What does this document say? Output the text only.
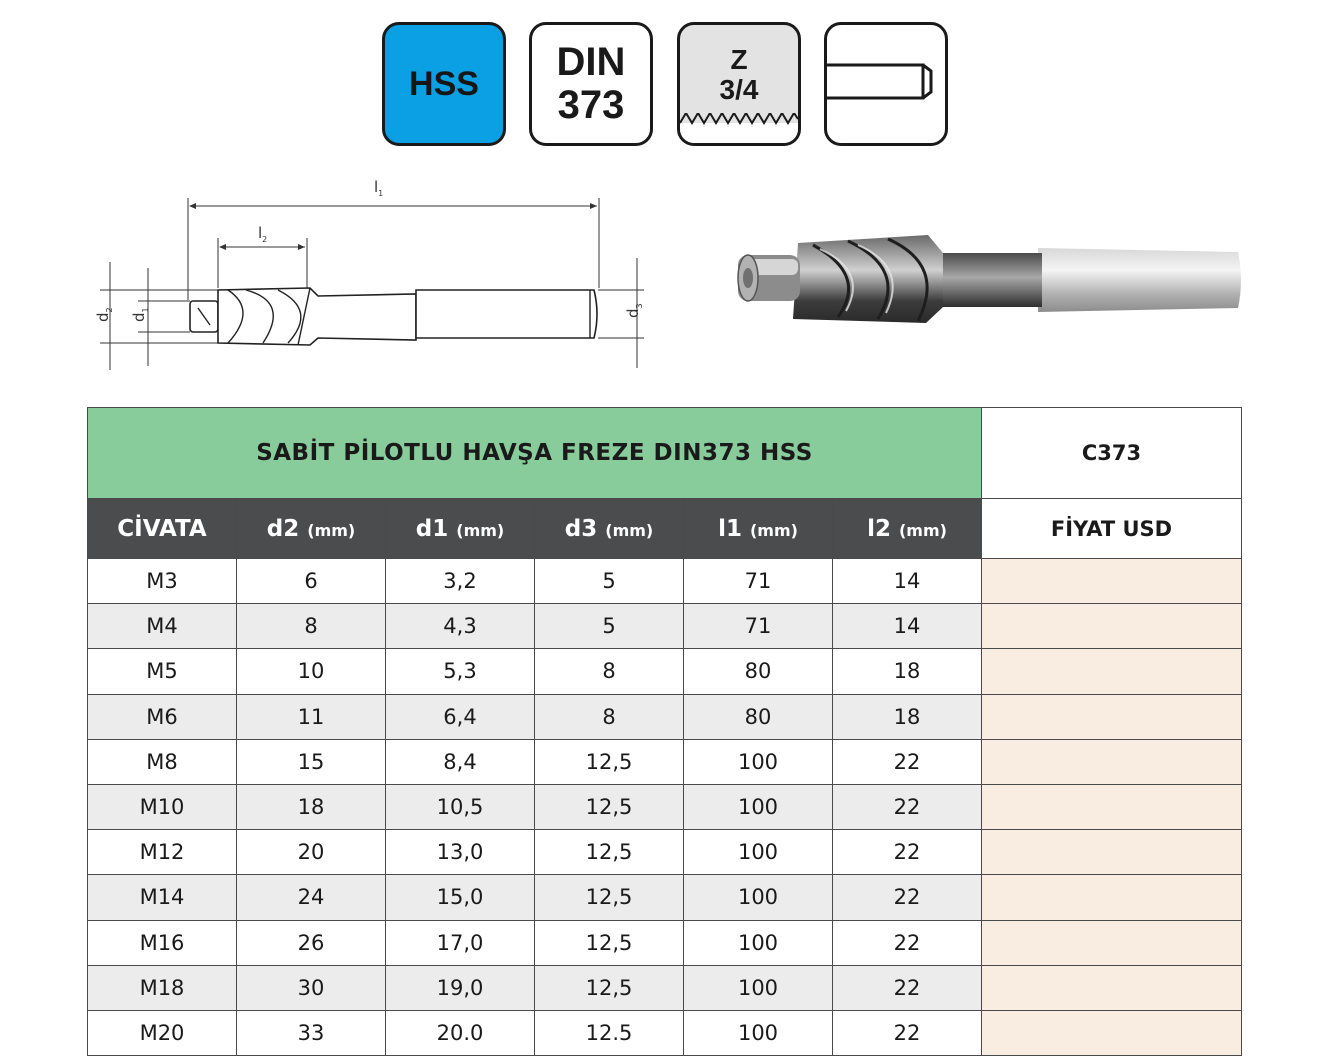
HSS DIN
373
Z
3/4
$l_1$
$l_2$
$d_2$
$d_1$	$d_3$
SABİT PİLOTLU HAVŞA FREZE DIN373 HSS						C373
CİVATA	d2 (mm)	d1 (mm)	d3 (mm)	l1 (mm)	l2 (mm)	FİYAT USD
M3	6	3,2	5	71	14	
M4	8	4,3	5	71	14	
M5	10	5,3	8	80	18	
M6	11	6,4	8	80	18	
M8	15	8,4	12,5	100	22	
M10	18	10,5	12,5	100	22	
M12	20	13,0	12,5	100	22	
M14	24	15,0	12,5	100	22	
M16	26	17,0	12,5	100	22	
M18	30	19,0	12,5	100	22	
M20	33	20.0	12.5	100	22	
